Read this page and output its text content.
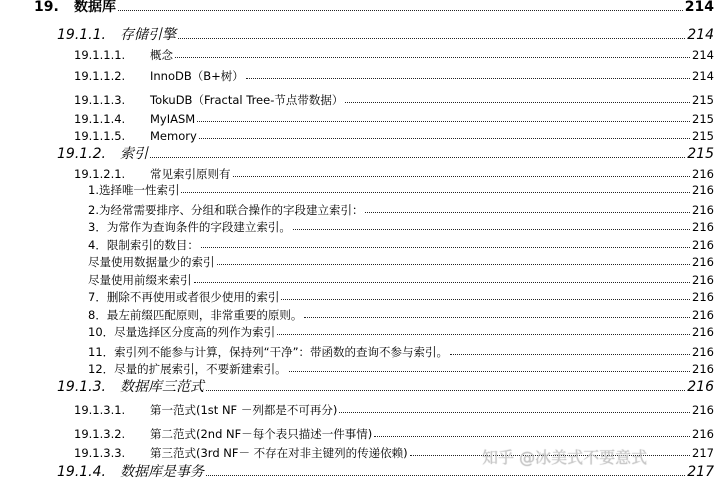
19. 数据库	214
19.1.1. 存储引擎	214
19.1.1.1. 概念	214
19.1.1.2. InnoDB（B+树）	214
19.1.1.3. TokuDB（Fractal Tree-节点带数据）	215
19.1.1.4. MyIASM	215
19.1.1.5. Memory	215
19.1.2. 索引	215
19.1.2.1. 常见索引原则有	216
1.选择唯一性索引	216
2.为经常需要排序、分组和联合操作的字段建立索引：	216
3．为常作为查询条件的字段建立索引。	216
4．限制索引的数目：	216
尽量使用数据量少的索引	216
尽量使用前缀来索引	216
7．删除不再使用或者很少使用的索引	216
8．最左前缀匹配原则，非常重要的原则。	216
10．尽量选择区分度高的列作为索引	216
11．索引列不能参与计算，保持列“干净”：带函数的查询不参与索引。	216
12．尽量的扩展索引，不要新建索引。	216
19.1.3. 数据库三范式	216
19.1.3.1. 第一范式(1st NF －列都是不可再分)	216
19.1.3.2. 第二范式(2nd NF－每个表只描述一件事情)	216
19.1.3.3. 第三范式(3rd NF－ 不存在对非主键列的传递依赖)	217
19.1.4. 数据库是事务	217
知乎 @冰美式不要意式
